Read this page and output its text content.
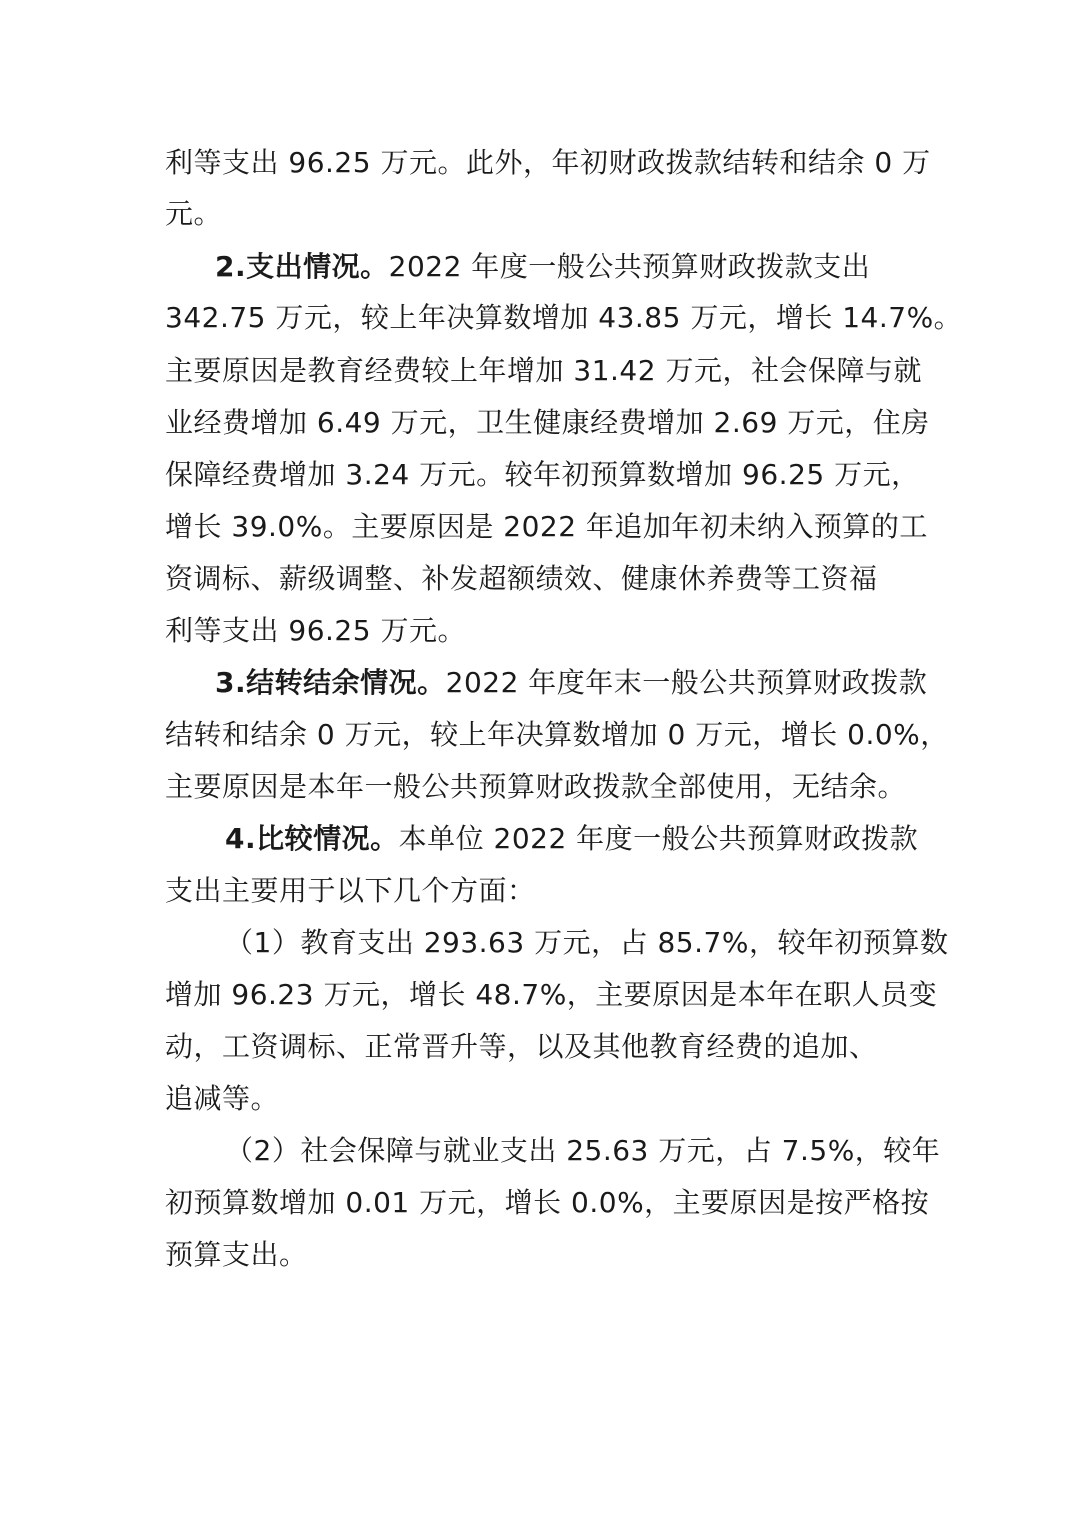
利等支出 96.25 万元。此外，年初财政拨款结转和结余 0 万
元。
2.支出情况。2022 年度一般公共预算财政拨款支出
342.75 万元，较上年决算数增加 43.85 万元，增长 14.7%。
主要原因是教育经费较上年增加 31.42 万元，社会保障与就
业经费增加 6.49 万元，卫生健康经费增加 2.69 万元，住房
保障经费增加 3.24 万元。较年初预算数增加 96.25 万元，
增长 39.0%。主要原因是 2022 年追加年初未纳入预算的工
资调标、薪级调整、补发超额绩效、健康休养费等工资福
利等支出 96.25 万元。
3.结转结余情况。2022 年度年末一般公共预算财政拨款
结转和结余 0 万元，较上年决算数增加 0 万元，增长 0.0%，
主要原因是本年一般公共预算财政拨款全部使用，无结余。
4.比较情况。本单位 2022 年度一般公共预算财政拨款
支出主要用于以下几个方面：
（1）教育支出 293.63 万元，占 85.7%，较年初预算数
增加 96.23 万元，增长 48.7%，主要原因是本年在职人员变
动，工资调标、正常晋升等，以及其他教育经费的追加、
追减等。
（2）社会保障与就业支出 25.63 万元，占 7.5%，较年
初预算数增加 0.01 万元，增长 0.0%，主要原因是按严格按
预算支出。
